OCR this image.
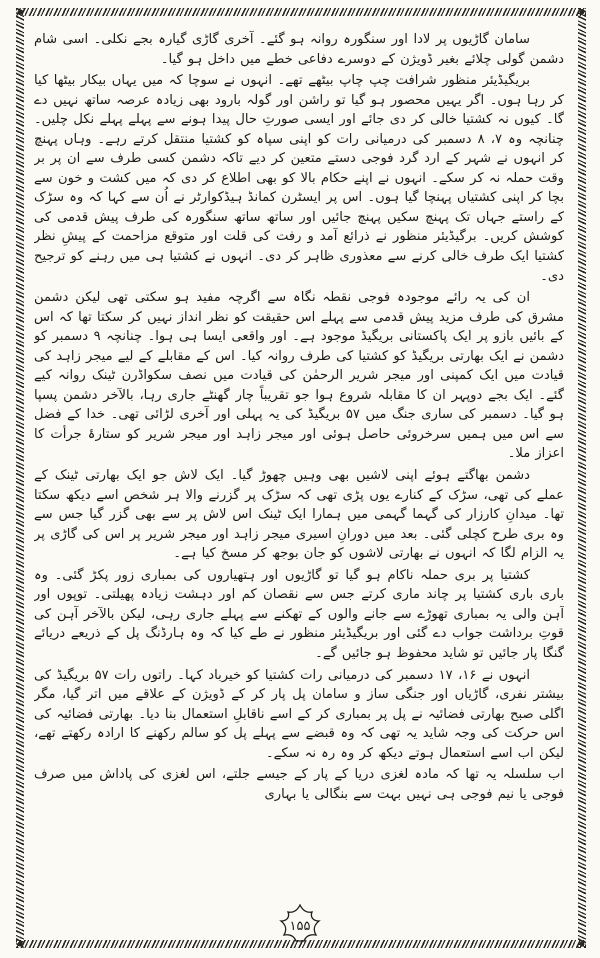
سامان گاڑیوں پر لادا اور سنگورہ روانہ ہو گئے۔ آخری گاڑی گیارہ بجے نکلی۔ اسی شام دشمن گولی چلائے بغیر ڈویژن کے دوسرے دفاعی خطے میں داخل ہو گیا۔

بریگیڈیئر منظور شرافت چپ چاپ بیٹھے تھے۔ انہوں نے سوچا کہ میں یہاں بیکار بیٹھا کیا کر رہا ہوں۔ اگر یہیں محصور ہو گیا تو راشن اور گولہ بارود بھی زیادہ عرصہ ساتھ نہیں دے گا۔ کیوں نہ کشتیا خالی کر دی جائے اور ایسی صورتِ حال پیدا ہونے سے پہلے پہلے نکل چلیں۔ چنانچہ وہ ۷، ۸ دسمبر کی درمیانی رات کو اپنی سپاہ کو کشتیا منتقل کرتے رہے۔ وہاں پہنچ کر انہوں نے شہر کے ارد گرد فوجی دستے متعین کر دیے تاکہ دشمن کسی طرف سے ان پر بر وقت حملہ نہ کر سکے۔ انہوں نے اپنے حکام بالا کو بھی اطلاع کر دی کہ میں کشت و خون سے بچا کر اپنی کشتیاں پہنچا گیا ہوں۔ اس پر ایسٹرن کمانڈ ہیڈکوارٹر نے اُن سے کہا کہ وہ سڑک کے راستے جہاں تک پہنچ سکیں پہنچ جائیں اور ساتھ ساتھ سنگورہ کی طرف پیش قدمی کی کوشش کریں۔ برگیڈیئر منظور نے ذرائع آمد و رفت کی قلت اور متوقع مزاحمت کے پیشِ نظر کشتیا ایک طرف خالی کرنے سے معذوری ظاہر کر دی۔ انہوں نے کشتیا ہی میں رہنے کو ترجیح دی۔

ان کی یہ رائے موجودہ فوجی نقطہ نگاہ سے اگرچہ مفید ہو سکتی تھی لیکن دشمن مشرق کی طرف مزید پیش قدمی سے پہلے اس حقیقت کو نظر انداز نہیں کر سکتا تھا کہ اس کے بائیں بازو پر ایک پاکستانی بریگیڈ موجود ہے۔ اور واقعی ایسا ہی ہوا۔ چنانچہ ۹ دسمبر کو دشمن نے ایک بھارتی بریگیڈ کو کشتیا کی طرف روانہ کیا۔ اس کے مقابلے کے لیے میجر زاہد کی قیادت میں ایک کمپنی اور میجر شریر الرحمٰن کی قیادت میں نصف سکواڈرن ٹینک روانہ کیے گئے۔ ایک بجے دوپہر ان کا مقابلہ شروع ہوا جو تقریباً چار گھنٹے جاری رہا، بالآخر دشمن پسپا ہو گیا۔ دسمبر کی ساری جنگ میں ۵۷ بریگیڈ کی یہ پہلی اور آخری لڑائی تھی۔ خدا کے فضل سے اس میں ہمیں سرخروئی حاصل ہوئی اور میجر زاہد اور میجر شریر کو ستارۂ جرأت کا اعزاز ملا۔

دشمن بھاگتے ہوئے اپنی لاشیں بھی وہیں چھوڑ گیا۔ ایک لاش جو ایک بھارتی ٹینک کے عملے کی تھی، سڑک کے کنارے یوں پڑی تھی کہ سڑک پر گزرنے والا ہر شخص اسے دیکھ سکتا تھا۔ میدانِ کارزار کی گہما گہمی میں ہمارا ایک ٹینک اس لاش پر سے بھی گزر گیا جس سے وہ بری طرح کچلی گئی۔ بعد میں دورانِ اسیری میجر زاہد اور میجر شریر پر اس کی گاڑی پر یہ الزام لگا کہ انہوں نے بھارتی لاشوں کو جان بوجھ کر مسخ کیا ہے۔

کشتیا پر بری حملہ ناکام ہو گیا تو گاڑیوں اور ہتھیاروں کی بمباری زور پکڑ گئی۔ وہ باری باری کشتیا پر چاند ماری کرتے جس سے نقصان کم اور دہشت زیادہ پھیلتی۔ توپوں اور آہن والی یہ بمباری تھوڑے سے جانے والوں کے تھکنے سے پہلے جاری رہی، لیکن بالآخر آہن کی قوتِ برداشت جواب دے گئی اور بریگیڈیئر منظور نے طے کیا کہ وہ ہارڈنگ پل کے ذریعے دریائے گنگا پار جائیں تو شاید محفوظ ہو جائیں گے۔

انہوں نے ۱۶، ۱۷ دسمبر کی درمیانی رات کشتیا کو خیرباد کہا۔ راتوں رات ۵۷ بریگیڈ کی بیشتر نفری، گاڑیاں اور جنگی ساز و سامان پل پار کر کے ڈویژن کے علاقے میں اتر گیا، مگر اگلی صبح بھارتی فضائیہ نے پل پر بمباری کر کے اسے ناقابلِ استعمال بنا دیا۔ بھارتی فضائیہ کی اس حرکت کی وجہ شاید یہ تھی کہ وہ قبضے سے پہلے پل کو سالم رکھنے کا ارادہ رکھتے تھے، لیکن اب اسے استعمال ہوتے دیکھ کر وہ رہ نہ سکے۔

اب سلسلہ یہ تھا کہ مادہ لغزی دریا کے پار کے جیسے جلتے، اس لغزی کی پاداش میں صرف فوجی یا نیم فوجی ہی نہیں بہت سے بنگالی یا بہاری

۱۵۵
